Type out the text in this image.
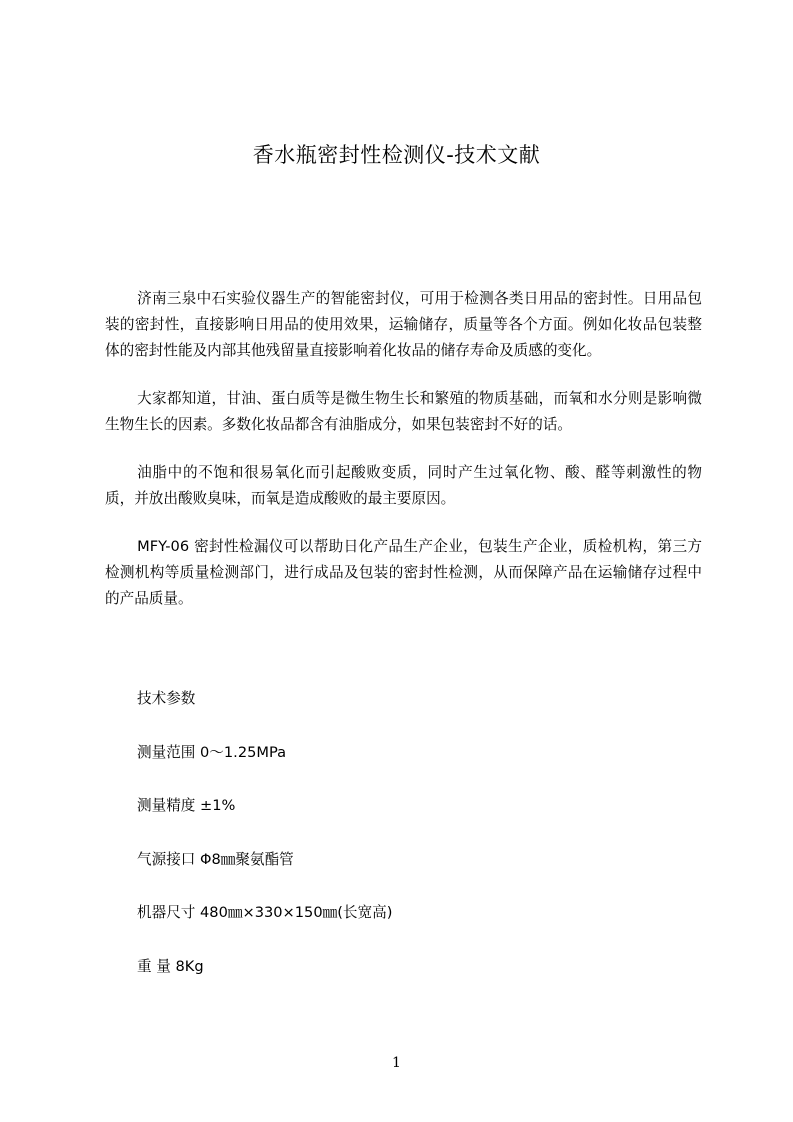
香水瓶密封性检测仪-技术文献

济南三泉中石实验仪器生产的智能密封仪，可用于检测各类日用品的密封性。日用品包装的密封性，直接影响日用品的使用效果，运输储存，质量等各个方面。例如化妆品包装整体的密封性能及内部其他残留量直接影响着化妆品的储存寿命及质感的变化。

大家都知道，甘油、蛋白质等是微生物生长和繁殖的物质基础，而氧和水分则是影响微生物生长的因素。多数化妆品都含有油脂成分，如果包装密封不好的话。

油脂中的不饱和很易氧化而引起酸败变质，同时产生过氧化物、酸、醛等刺激性的物质，并放出酸败臭味，而氧是造成酸败的最主要原因。

MFY-06 密封性检漏仪可以帮助日化产品生产企业，包装生产企业，质检机构，第三方检测机构等质量检测部门，进行成品及包装的密封性检测，从而保障产品在运输储存过程中的产品质量。

技术参数

测量范围 0～1.25MPa

测量精度 ±1%

气源接口 Φ8㎜聚氨酯管

机器尺寸 480㎜×330×150㎜(长宽高)

重 量 8Kg

1
